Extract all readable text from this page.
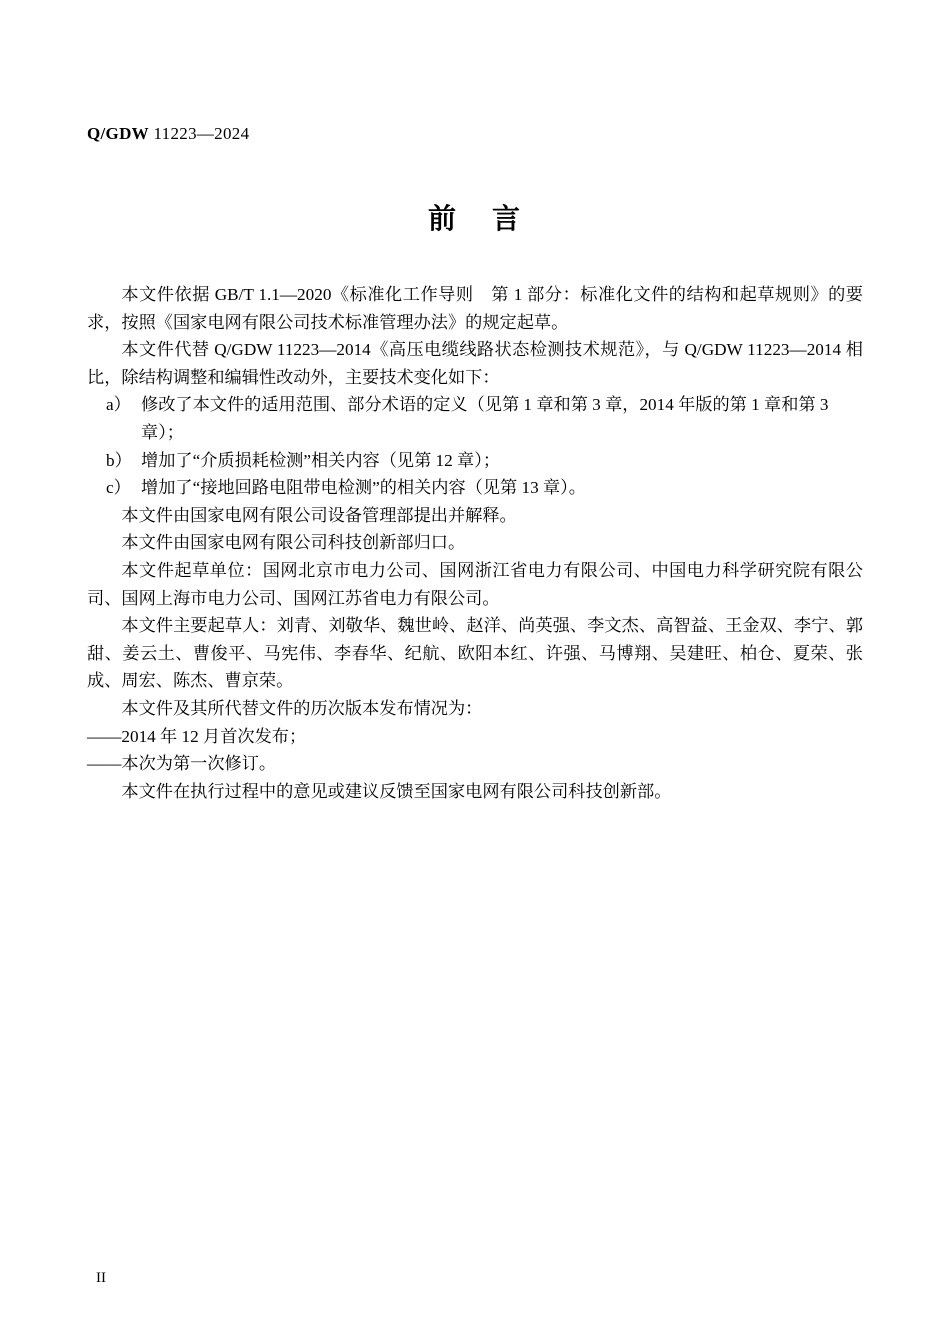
Q/GDW 11223—2024
前 言

本文件依据 GB/T 1.1—2020《标准化工作导则　第 1 部分：标准化文件的结构和起草规则》的要求，按照《国家电网有限公司技术标准管理办法》的规定起草。

本文件代替 Q/GDW 11223—2014《高压电缆线路状态检测技术规范》，与 Q/GDW 11223—2014 相比，除结构调整和编辑性改动外，主要技术变化如下：

a） 修改了本文件的适用范围、部分术语的定义（见第 1 章和第 3 章，2014 年版的第 1 章和第 3 章）；
b） 增加了“介质损耗检测”相关内容（见第 12 章）；
c） 增加了“接地回路电阻带电检测”的相关内容（见第 13 章）。

本文件由国家电网有限公司设备管理部提出并解释。

本文件由国家电网有限公司科技创新部归口。

本文件起草单位：国网北京市电力公司、国网浙江省电力有限公司、中国电力科学研究院有限公司、国网上海市电力公司、国网江苏省电力有限公司。

本文件主要起草人：刘青、刘敬华、魏世岭、赵洋、尚英强、李文杰、高智益、王金双、李宁、郭甜、姜云土、曹俊平、马宪伟、李春华、纪航、欧阳本红、许强、马博翔、吴建旺、柏仓、夏荣、张成、周宏、陈杰、曹京荣。

本文件及其所代替文件的历次版本发布情况为：

——2014 年 12 月首次发布；

——本次为第一次修订。

本文件在执行过程中的意见或建议反馈至国家电网有限公司科技创新部。

II
